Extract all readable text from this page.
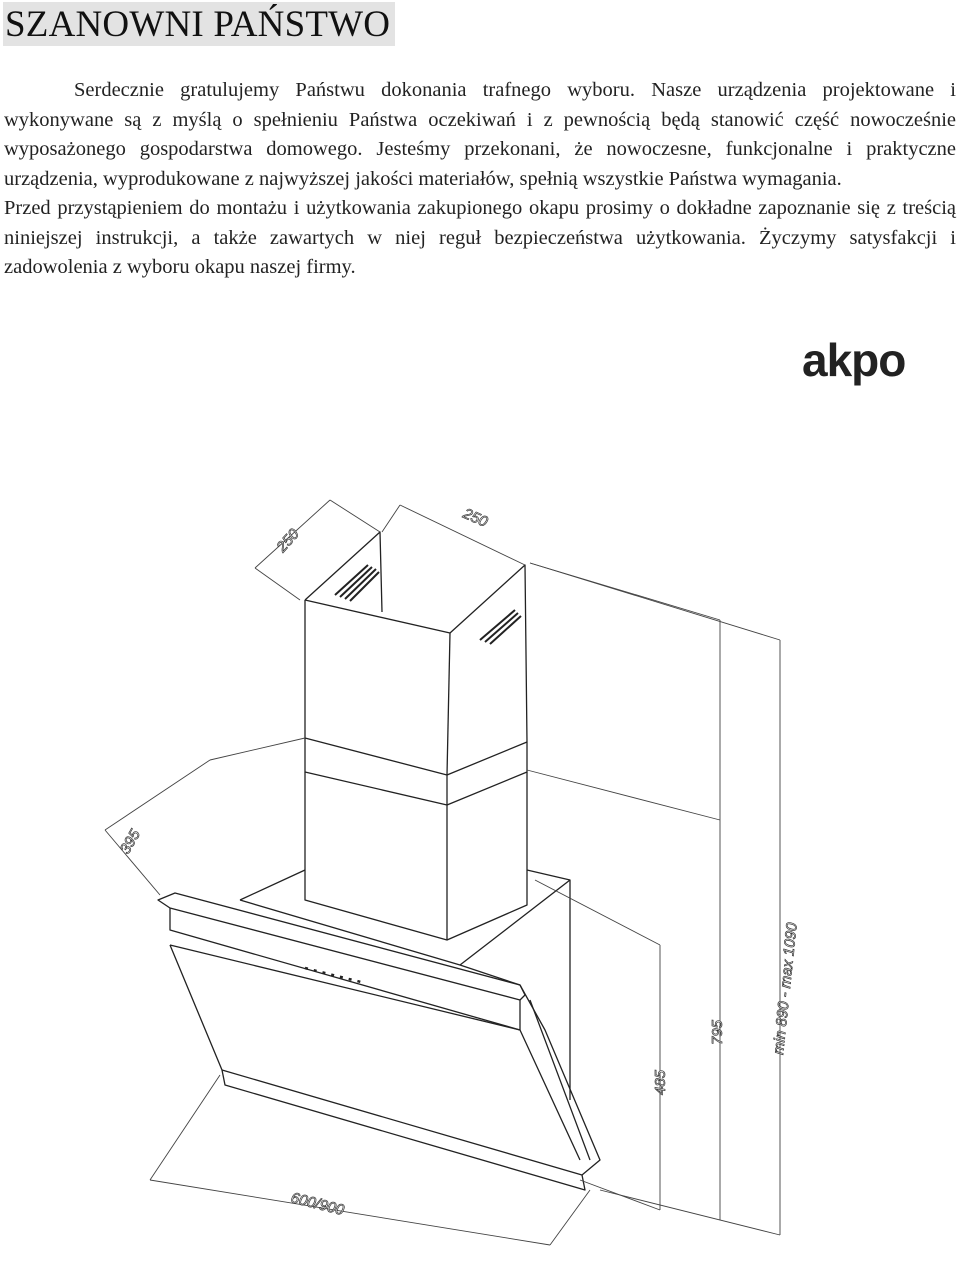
SZANOWNI PAŃSTWO

Serdecznie gratulujemy Państwu dokonania trafnego wyboru. Nasze urządzenia projektowane i wykonywane są z myślą o spełnieniu Państwa oczekiwań i z pewnością będą stanowić część nowocześnie wyposażonego gospodarstwa domowego. Jesteśmy przekonani, że nowoczesne, funkcjonalne i praktyczne urządzenia, wyprodukowane z najwyższej jakości materiałów, spełnią wszystkie Państwa wymagania.

Przed przystąpieniem do montażu i użytkowania zakupionego okapu prosimy o dokładne zapoznanie się z treścią niniejszej instrukcji, a także zawartych w niej reguł bezpieczeństwa użytkowania. Życzymy satysfakcji i zadowolenia z wyboru okapu naszej firmy.

akpo
250
250
395
795
485
min 890 - max 1090
600/900
